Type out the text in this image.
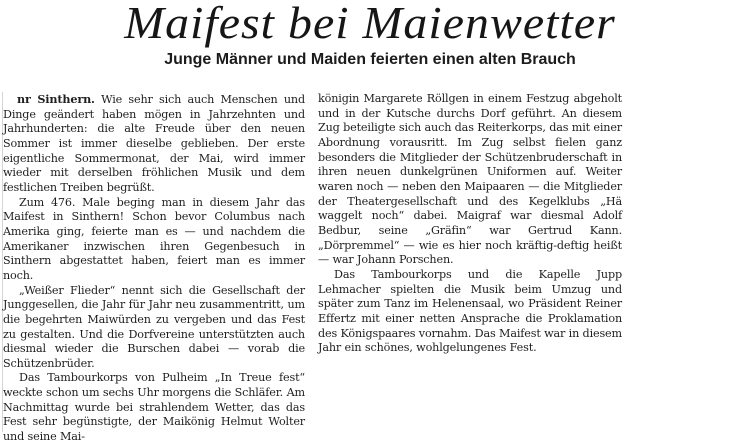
Maifest bei Maienwetter
Junge Männer und Maiden feierten einen alten Brauch

nr Sinthern. Wie sehr sich auch Menschen und Dinge geändert haben mögen in Jahrzehnten und Jahrhunderten: die alte Freude über den neuen Sommer ist immer dieselbe geblieben. Der erste eigentliche Sommermonat, der Mai, wird immer wieder mit derselben fröhlichen Musik und dem festlichen Treiben begrüßt.

Zum 476. Male beging man in diesem Jahr das Maifest in Sinthern! Schon bevor Columbus nach Amerika ging, feierte man es — und nachdem die Amerikaner inzwischen ihren Gegenbesuch in Sinthern abgestattet haben, feiert man es immer noch.

„Weißer Flieder“ nennt sich die Gesellschaft der Junggesellen, die Jahr für Jahr neu zusammentritt, um die begehrten Maiwürden zu vergeben und das Fest zu gestalten. Und die Dorfvereine unterstützten auch diesmal wieder die Burschen dabei — vorab die Schützenbrüder.

Das Tambourkorps von Pulheim „In Treue fest“ weckte schon um sechs Uhr morgens die Schläfer. Am Nachmittag wurde bei strahlendem Wetter, das das Fest sehr begünstigte, der Maikönig Helmut Wolter und seine Mai-

königin Margarete Röllgen in einem Festzug abgeholt und in der Kutsche durchs Dorf geführt. An diesem Zug beteiligte sich auch das Reiterkorps, das mit einer Abordnung vorausritt. Im Zug selbst fielen ganz besonders die Mitglieder der Schützenbruderschaft in ihren neuen dunkelgrünen Uniformen auf. Weiter waren noch — neben den Maipaaren — die Mitglieder der Theatergesellschaft und des Kegelklubs „Hä waggelt noch“ dabei. Maigraf war diesmal Adolf Bedbur, seine „Gräfin“ war Gertrud Kann. „Dörpremmel“ — wie es hier noch kräftig-deftig heißt — war Johann Porschen.

Das Tambourkorps und die Kapelle Jupp Lehmacher spielten die Musik beim Umzug und später zum Tanz im Helenensaal, wo Präsident Reiner Effertz mit einer netten Ansprache die Proklamation des Königspaares vornahm. Das Maifest war in diesem Jahr ein schönes, wohlgelungenes Fest.
